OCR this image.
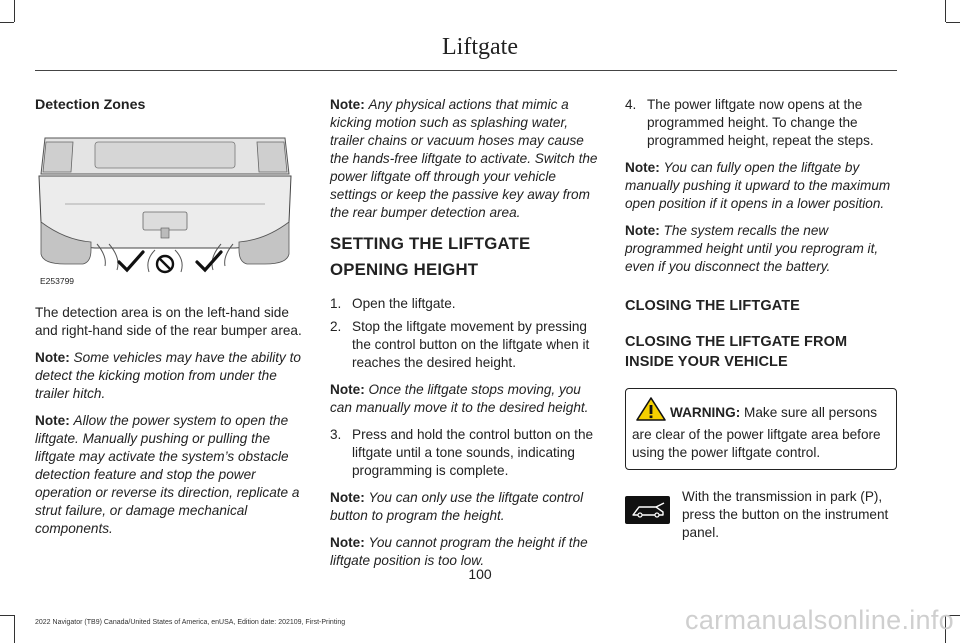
Liftgate
Detection Zones
E253799

The detection area is on the left-hand side and right-hand side of the rear bumper area.

Note: Some vehicles may have the ability to detect the kicking motion from under the trailer hitch.

Note: Allow the power system to open the liftgate. Manually pushing or pulling the liftgate may activate the system’s obstacle detection feature and stop the power operation or reverse its direction, replicate a strut failure, or damage mechanical components.

Note: Any physical actions that mimic a kicking motion such as splashing water, trailer chains or vacuum hoses may cause the hands-free liftgate to activate. Switch the power liftgate off through your vehicle settings or keep the passive key away from the rear bumper detection area.

SETTING THE LIFTGATE OPENING HEIGHT
1. Open the liftgate.
2. Stop the liftgate movement by pressing the control button on the liftgate when it reaches the desired height.

Note: Once the liftgate stops moving, you can manually move it to the desired height.

3. Press and hold the control button on the liftgate until a tone sounds, indicating programming is complete.

Note: You can only use the liftgate control button to program the height.

Note: You cannot program the height if the liftgate position is too low.

4. The power liftgate now opens at the programmed height. To change the programmed height, repeat the steps.

Note: You can fully open the liftgate by manually pushing it upward to the maximum open position if it opens in a lower position.

Note: The system recalls the new programmed height until you reprogram it, even if you disconnect the battery.

CLOSING THE LIFTGATE
CLOSING THE LIFTGATE FROM INSIDE YOUR VEHICLE
WARNING: Make sure all persons are clear of the power liftgate area before using the power liftgate control.
With the transmission in park (P), press the button on the instrument panel.
100
2022 Navigator (TB9) Canada/United States of America, enUSA, Edition date: 202109, First-Printing	carmanualsonline.info
